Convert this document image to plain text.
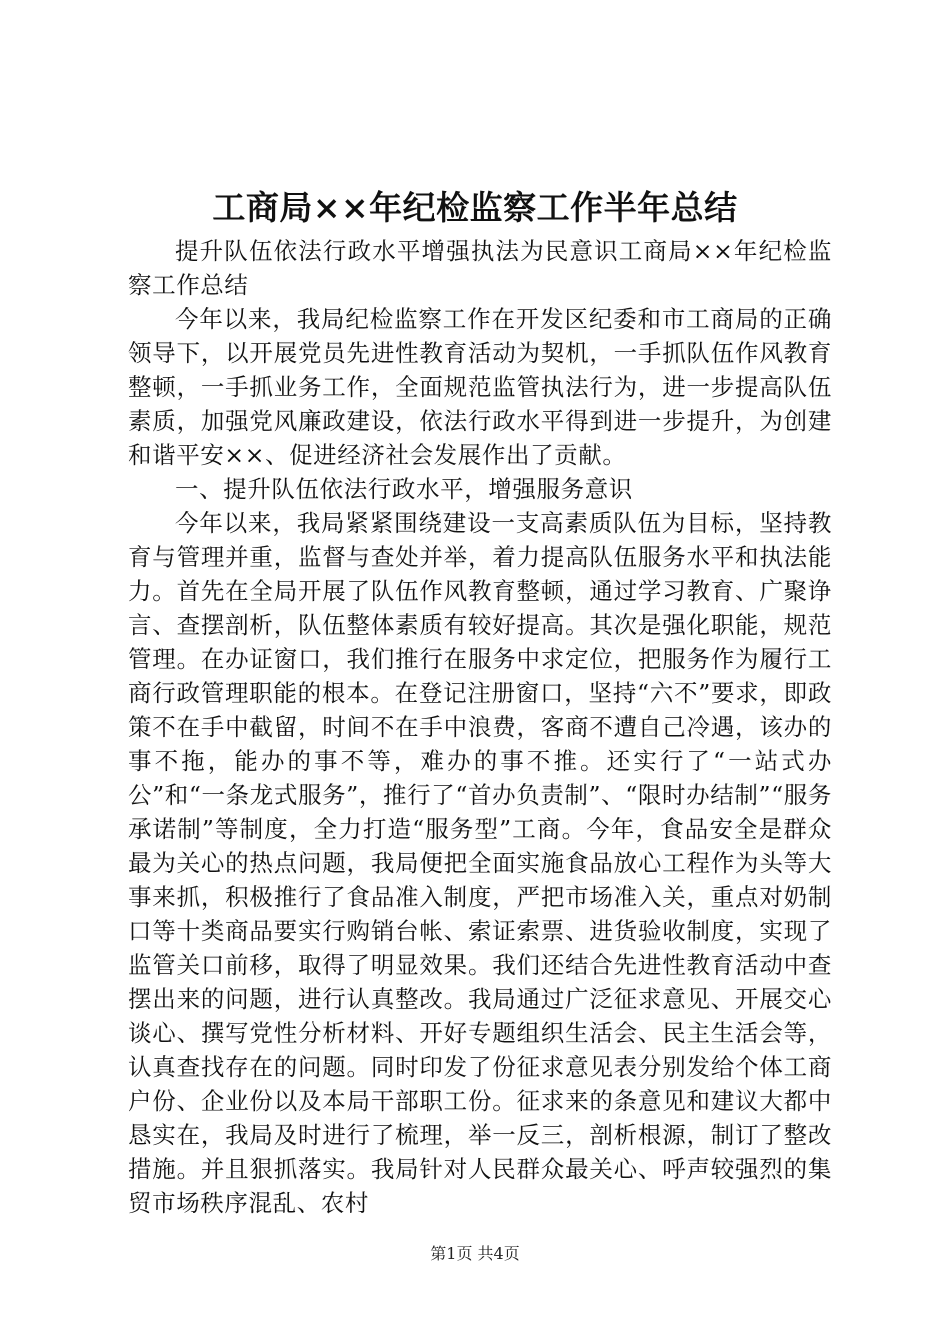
工商局××年纪检监察工作半年总结

提升队伍依法行政水平增强执法为民意识工商局××年纪检监察工作总结

今年以来，我局纪检监察工作在开发区纪委和市工商局的正确领导下，以开展党员先进性教育活动为契机，一手抓队伍作风教育整顿，一手抓业务工作，全面规范监管执法行为，进一步提高队伍素质，加强党风廉政建设，依法行政水平得到进一步提升，为创建和谐平安××、促进经济社会发展作出了贡献。

一、提升队伍依法行政水平，增强服务意识

今年以来，我局紧紧围绕建设一支高素质队伍为目标，坚持教育与管理并重，监督与查处并举，着力提高队伍服务水平和执法能力。首先在全局开展了队伍作风教育整顿，通过学习教育、广聚诤言、查摆剖析，队伍整体素质有较好提高。其次是强化职能，规范管理。在办证窗口，我们推行在服务中求定位，把服务作为履行工商行政管理职能的根本。在登记注册窗口，坚持“六不”要求，即政策不在手中截留，时间不在手中浪费，客商不遭自己冷遇，该办的事不拖，能办的事不等，难办的事不推。还实行了“一站式办公”和“一条龙式服务”，推行了“首办负责制”、“限时办结制”“服务承诺制”等制度，全力打造“服务型”工商。今年，食品安全是群众最为关心的热点问题，我局便把全面实施食品放心工程作为头等大事来抓，积极推行了食品准入制度，严把市场准入关，重点对奶制口等十类商品要实行购销台帐、索证索票、进货验收制度，实现了监管关口前移，取得了明显效果。我们还结合先进性教育活动中查摆出来的问题，进行认真整改。我局通过广泛征求意见、开展交心谈心、撰写党性分析材料、开好专题组织生活会、民主生活会等，认真查找存在的问题。同时印发了份征求意见表分别发给个体工商户份、企业份以及本局干部职工份。征求来的条意见和建议大都中恳实在，我局及时进行了梳理，举一反三，剖析根源，制订了整改措施。并且狠抓落实。我局针对人民群众最关心、呼声较强烈的集贸市场秩序混乱、农村

第1页 共4页
